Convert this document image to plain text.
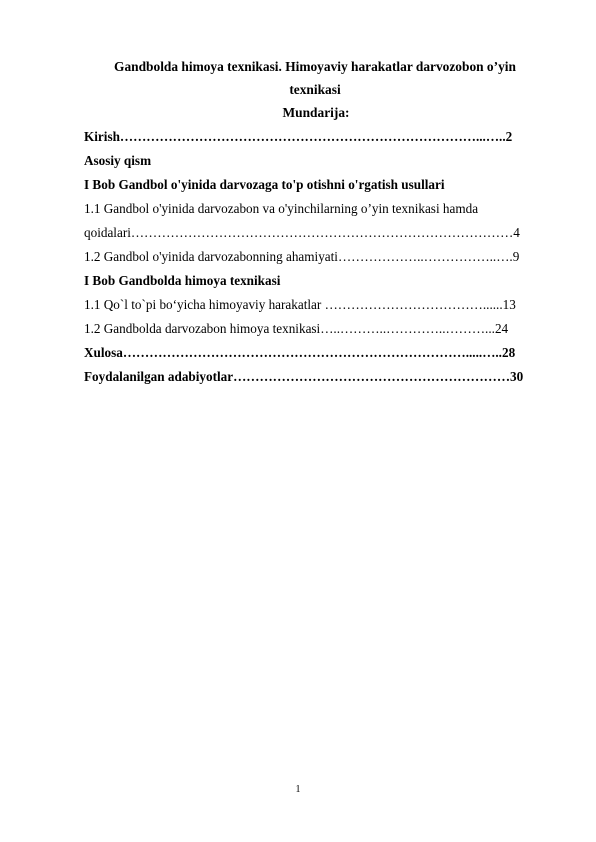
Gandbolda himoya texnikasi. Himoyaviy harakatlar darvozobon o’yin
texnikasi
Mundarija:
Kirish………………………………………………………………………...…..2
Asosiy qism
I Bob Gandbol o'yinida darvozaga to'p otishni o'rgatish usullari
1.1 Gandbol o'yinida darvozabon va o'yinchilarning o’yin texnikasi hamda
qoidalari……………………………………………………………………………4
1.2 Gandbol o'yinida darvozabonning ahamiyati………………..……………..….9
I Bob Gandbolda himoya texnikasi
1.1 Qo`l to`pi bo‘yicha himoyaviy harakatlar ………………………………......13
1.2 Gandbolda darvozabon himoya texnikasi…..………..…………..………...24
Xulosa…………………………………………………………………….....…..28
Foydalanilgan adabiyotlar………………………………………………………30
1
